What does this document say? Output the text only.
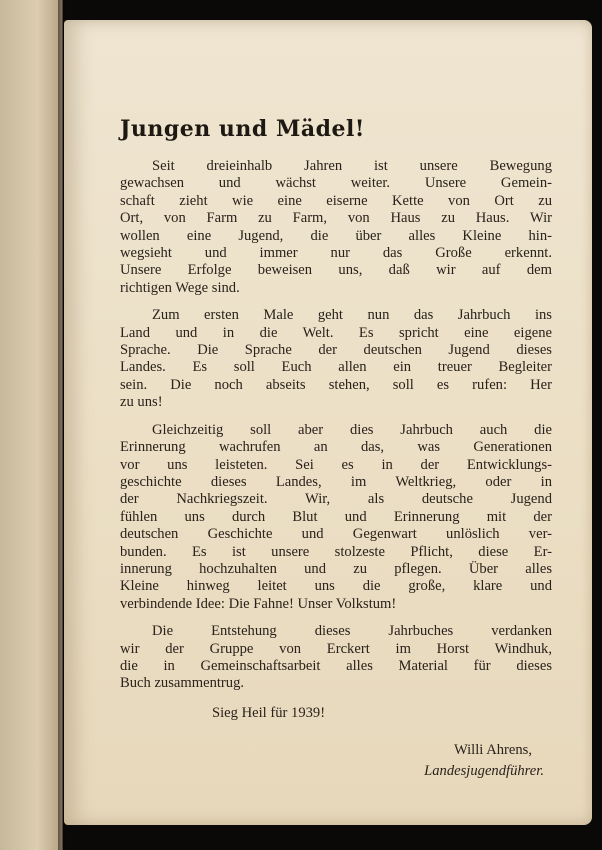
Jungen und Mädel!
Seit dreieinhalb Jahren ist unsere Bewegung
gewachsen und wächst weiter. Unsere Gemein-
schaft zieht wie eine eiserne Kette von Ort zu
Ort, von Farm zu Farm, von Haus zu Haus. Wir
wollen eine Jugend, die über alles Kleine hin-
wegsieht und immer nur das Große erkennt.
Unsere Erfolge beweisen uns, daß wir auf dem
richtigen Wege sind.
Zum ersten Male geht nun das Jahrbuch ins
Land und in die Welt. Es spricht eine eigene
Sprache. Die Sprache der deutschen Jugend dieses
Landes. Es soll Euch allen ein treuer Begleiter
sein. Die noch abseits stehen, soll es rufen: Her
zu uns!
Gleichzeitig soll aber dies Jahrbuch auch die
Erinnerung wachrufen an das, was Generationen
vor uns leisteten. Sei es in der Entwicklungs-
geschichte dieses Landes, im Weltkrieg, oder in
der Nachkriegszeit. Wir, als deutsche Jugend
fühlen uns durch Blut und Erinnerung mit der
deutschen Geschichte und Gegenwart unlöslich ver-
bunden. Es ist unsere stolzeste Pflicht, diese Er-
innerung hochzuhalten und zu pflegen. Über alles
Kleine hinweg leitet uns die große, klare und
verbindende Idee: Die Fahne! Unser Volkstum!
Die Entstehung dieses Jahrbuches verdanken
wir der Gruppe von Erckert im Horst Windhuk,
die in Gemeinschaftsarbeit alles Material für dieses
Buch zusammentrug.
Sieg Heil für 1939!
Willi Ahrens,
Landesjugendführer.
